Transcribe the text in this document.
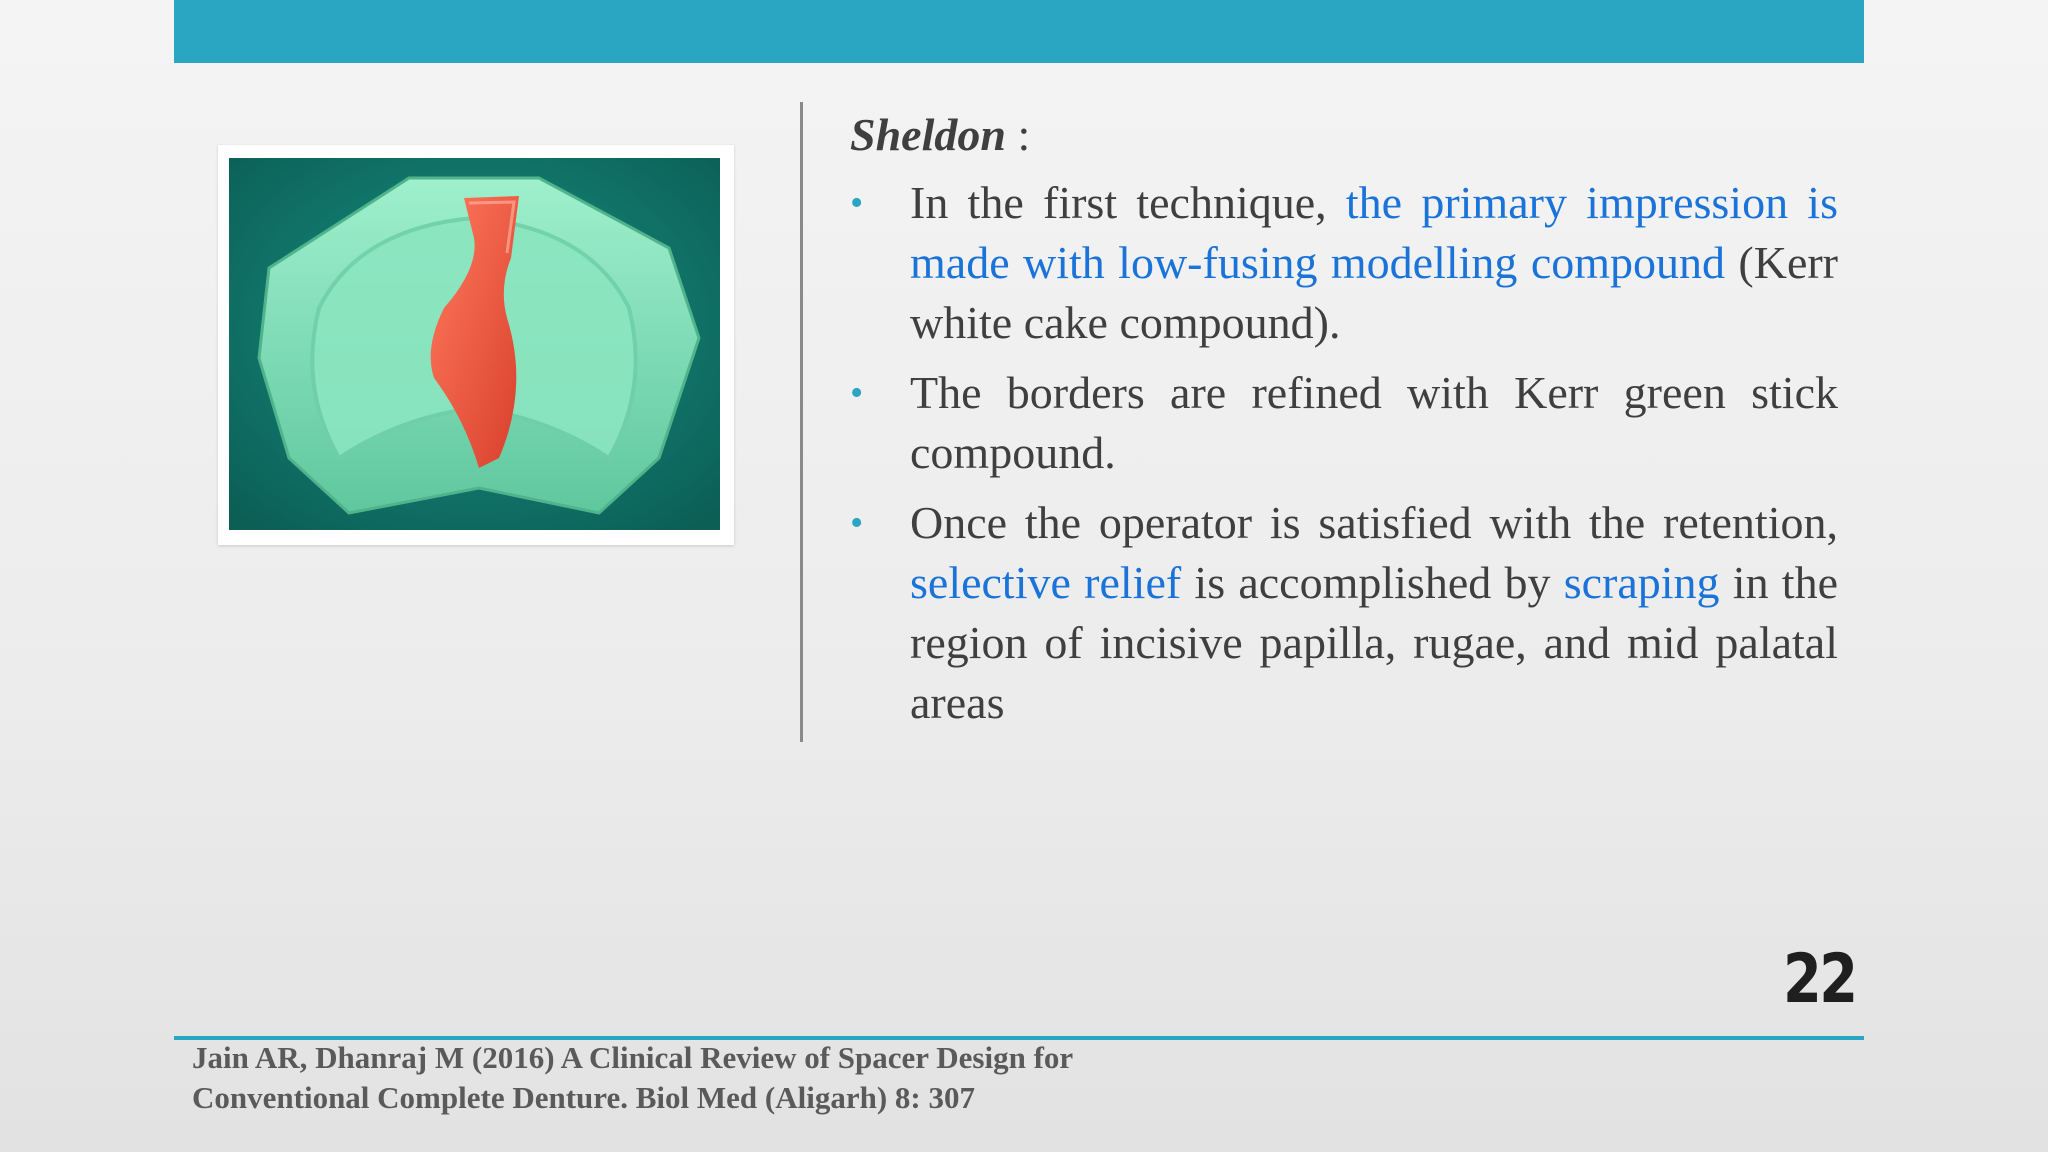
Sheldon :
• In the first technique, the primary impression is made with low-fusing modelling compound (Kerr white cake compound).
• The borders are refined with Kerr green stick compound.
• Once the operator is satisfied with the retention, selective relief is accomplished by scraping in the region of incisive papilla, rugae, and mid palatal areas
22
Jain AR, Dhanraj M (2016) A Clinical Review of Spacer Design for
Conventional Complete Denture. Biol Med (Aligarh) 8: 307
